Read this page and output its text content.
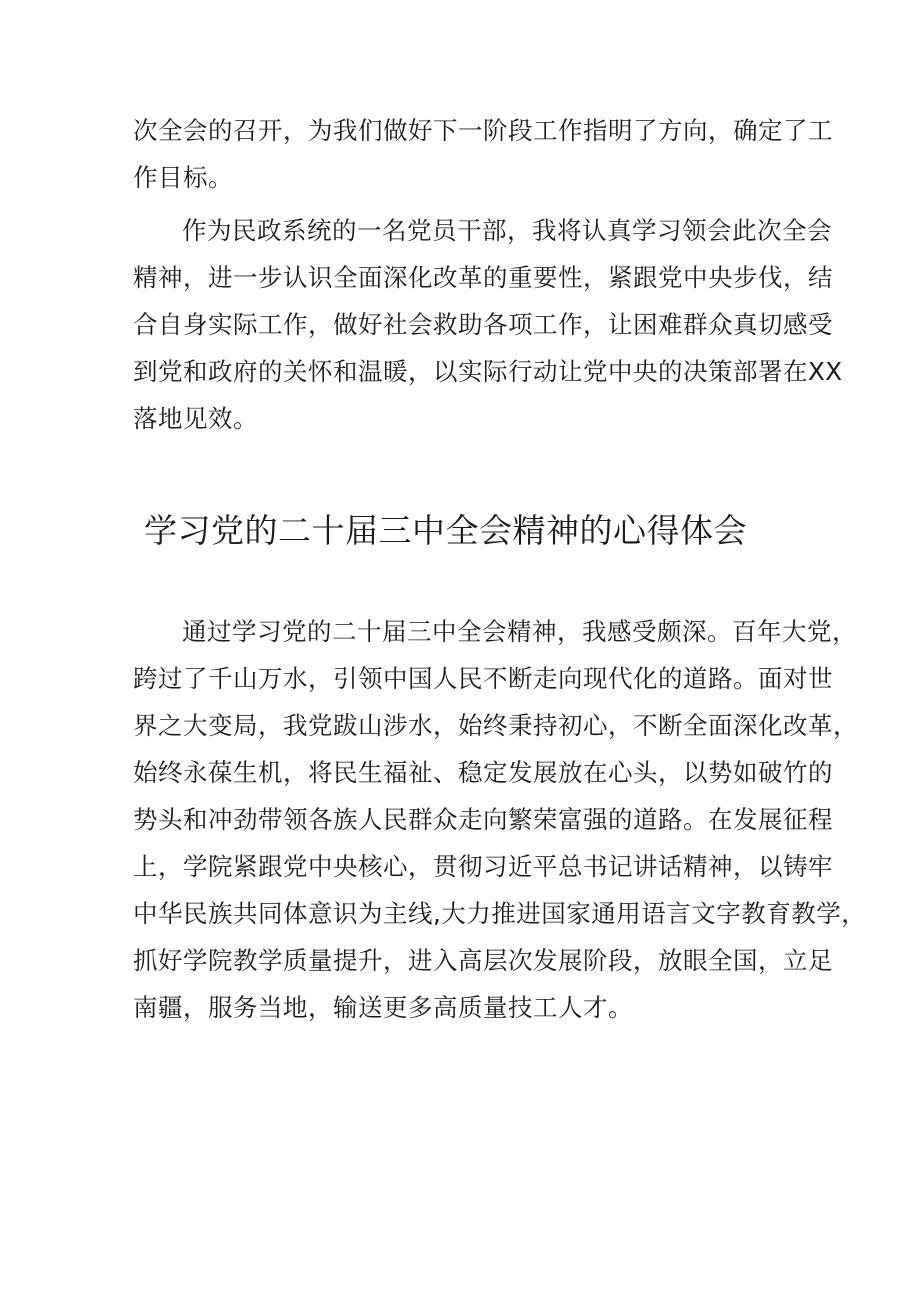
次全会的召开，为我们做好下一阶段工作指明了方向，确定了工
作目标。

作为民政系统的一名党员干部，我将认真学习领会此次全会
精神，进一步认识全面深化改革的重要性，紧跟党中央步伐，结
合自身实际工作，做好社会救助各项工作，让困难群众真切感受
到党和政府的关怀和温暖，以实际行动让党中央的决策部署在XX
落地见效。

学习党的二十届三中全会精神的心得体会

通过学习党的二十届三中全会精神，我感受颇深。百年大党，
跨过了千山万水，引领中国人民不断走向现代化的道路。面对世
界之大变局，我党跋山涉水，始终秉持初心，不断全面深化改革，
始终永葆生机，将民生福祉、稳定发展放在心头，以势如破竹的
势头和冲劲带领各族人民群众走向繁荣富强的道路。在发展征程
上，学院紧跟党中央核心，贯彻习近平总书记讲话精神，以铸牢
中华民族共同体意识为主线,大力推进国家通用语言文字教育教学，
抓好学院教学质量提升，进入高层次发展阶段，放眼全国，立足
南疆，服务当地，输送更多高质量技工人才。
